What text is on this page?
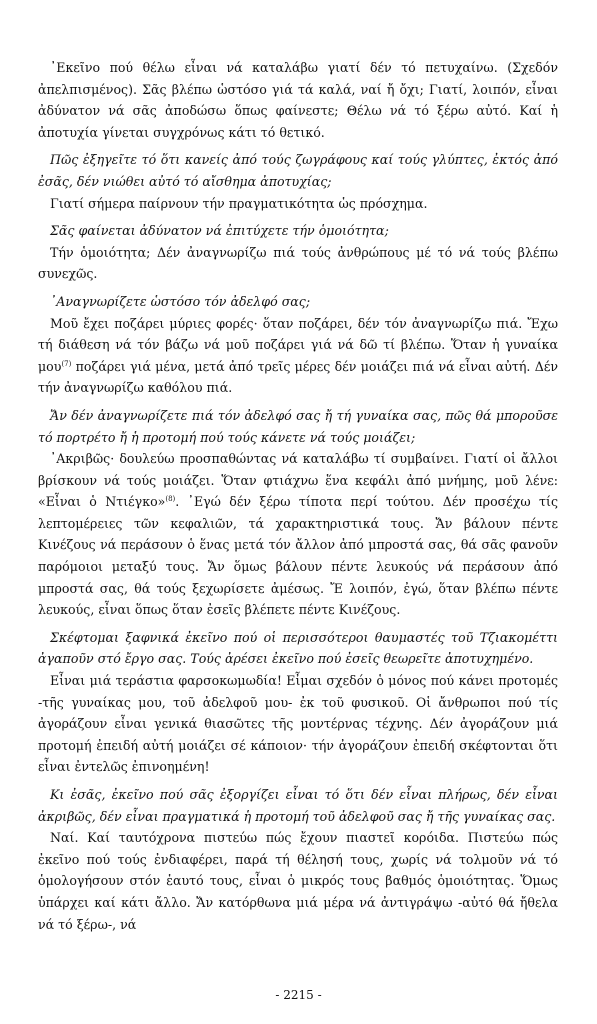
᾿Εκεῖνο πού θέλω εἶναι νά καταλάβω γιατί δέν τό πετυχαίνω. (Σχεδόν ἀπελπισμένος). Σᾶς βλέπω ὡστόσο γιά τά καλά, ναί ἤ ὄχι; Γιατί, λοιπόν, εἶναι ἀδύνατον νά σᾶς ἀποδώσω ὅπως φαίνεστε; Θέλω νά τό ξέρω αὐτό. Καί ἡ ἀποτυχία γίνεται συγχρόνως κάτι τό θετικό.

Πῶς ἐξηγεῖτε τό ὅτι κανείς ἀπό τούς ζωγράφους καί τούς γλύπτες, ἐκτός ἀπό ἐσᾶς, δέν νιώθει αὐτό τό αἴσθημα ἀποτυχίας;

Γιατί σήμερα παίρνουν τήν πραγματικότητα ὡς πρόσχημα.

Σᾶς φαίνεται ἀδύνατον νά ἐπιτύχετε τήν ὁμοιότητα;

Τήν ὁμοιότητα; Δέν ἀναγνωρίζω πιά τούς ἀνθρώπους μέ τό νά τούς βλέπω συνεχῶς.

᾿Αναγνωρίζετε ὡστόσο τόν ἀδελφό σας;

Μοῦ ἔχει ποζάρει μύριες φορές· ὅταν ποζάρει, δέν τόν ἀναγνωρίζω πιά. Ἔχω τή διάθεση νά τόν βάζω νά μοῦ ποζάρει γιά νά δῶ τί βλέπω. Ὅταν ἡ γυναίκα μου$^{(7)}$ ποζάρει γιά μένα, μετά ἀπό τρεῖς μέρες δέν μοιάζει πιά νά εἶναι αὐτή. Δέν τήν ἀναγνωρίζω καθόλου πιά.

Ἄν δέν ἀναγνωρίζετε πιά τόν ἀδελφό σας ἤ τή γυναίκα σας, πῶς θά μποροῦσε τό πορτρέτο ἤ ἡ προτομή πού τούς κάνετε νά τούς μοιάζει;

᾿Ακριβῶς· δουλεύω προσπαθώντας νά καταλάβω τί συμβαίνει. Γιατί οἱ ἄλλοι βρίσκουν νά τούς μοιάζει. Ὅταν φτιάχνω ἕνα κεφάλι ἀπό μνήμης, μοῦ λένε: «Εἶναι ὁ Ντιέγκο»$^{(8)}$. ᾿Εγώ δέν ξέρω τίποτα περί τούτου. Δέν προσέχω τίς λεπτομέρειες τῶν κεφαλιῶν, τά χαρακτηριστικά τους. Ἄν βάλουν πέντε Κινέζους νά περάσουν ὁ ἕνας μετά τόν ἄλλον ἀπό μπροστά σας, θά σᾶς φανοῦν παρόμοιοι μεταξύ τους. Ἄν ὅμως βάλουν πέντε λευκούς νά περάσουν ἀπό μπροστά σας, θά τούς ξεχωρίσετε ἀμέσως. Ἔ λοιπόν, ἐγώ, ὅταν βλέπω πέντε λευκούς, εἶναι ὅπως ὅταν ἐσεῖς βλέπετε πέντε Κινέζους.

Σκέφτομαι ξαφνικά ἐκεῖνο πού οἱ περισσότεροι θαυμαστές τοῦ Τζιακομέττι ἀγαποῦν στό ἔργο σας. Τούς ἀρέσει ἐκεῖνο πού ἐσεῖς θεωρεῖτε ἀποτυχημένο.

Εἶναι μιά τεράστια φαρσοκωμωδία! Εἶμαι σχεδόν ὁ μόνος πού κάνει προτομές -τῆς γυναίκας μου, τοῦ ἀδελφοῦ μου- ἐκ τοῦ φυσικοῦ. Οἱ ἄνθρωποι πού τίς ἀγοράζουν εἶναι γενικά θιασῶτες τῆς μοντέρνας τέχνης. Δέν ἀγοράζουν μιά προτομή ἐπειδή αὐτή μοιάζει σέ κάποιον· τήν ἀγοράζουν ἐπειδή σκέφτονται ὅτι εἶναι ἐντελῶς ἐπινοημένη!

Κι ἐσᾶς, ἐκεῖνο πού σᾶς ἐξοργίζει εἶναι τό ὅτι δέν εἶναι πλήρως, δέν εἶναι ἀκριβῶς, δέν εἶναι πραγματικά ἡ προτομή τοῦ ἀδελφοῦ σας ἤ τῆς γυναίκας σας.

Ναί. Καί ταυτόχρονα πιστεύω πώς ἔχουν πιαστεῖ κορόιδα. Πιστεύω πώς ἐκεῖνο πού τούς ἐνδιαφέρει, παρά τή θέλησή τους, χωρίς νά τολμοῦν νά τό ὁμολογήσουν στόν ἑαυτό τους, εἶναι ὁ μικρός τους βαθμός ὁμοιότητας. Ὅμως ὑπάρχει καί κάτι ἄλλο. Ἄν κατόρθωνα μιά μέρα νά ἀντιγράψω -αὐτό θά ἤθελα νά τό ξέρω-, νά

- 2215 -
